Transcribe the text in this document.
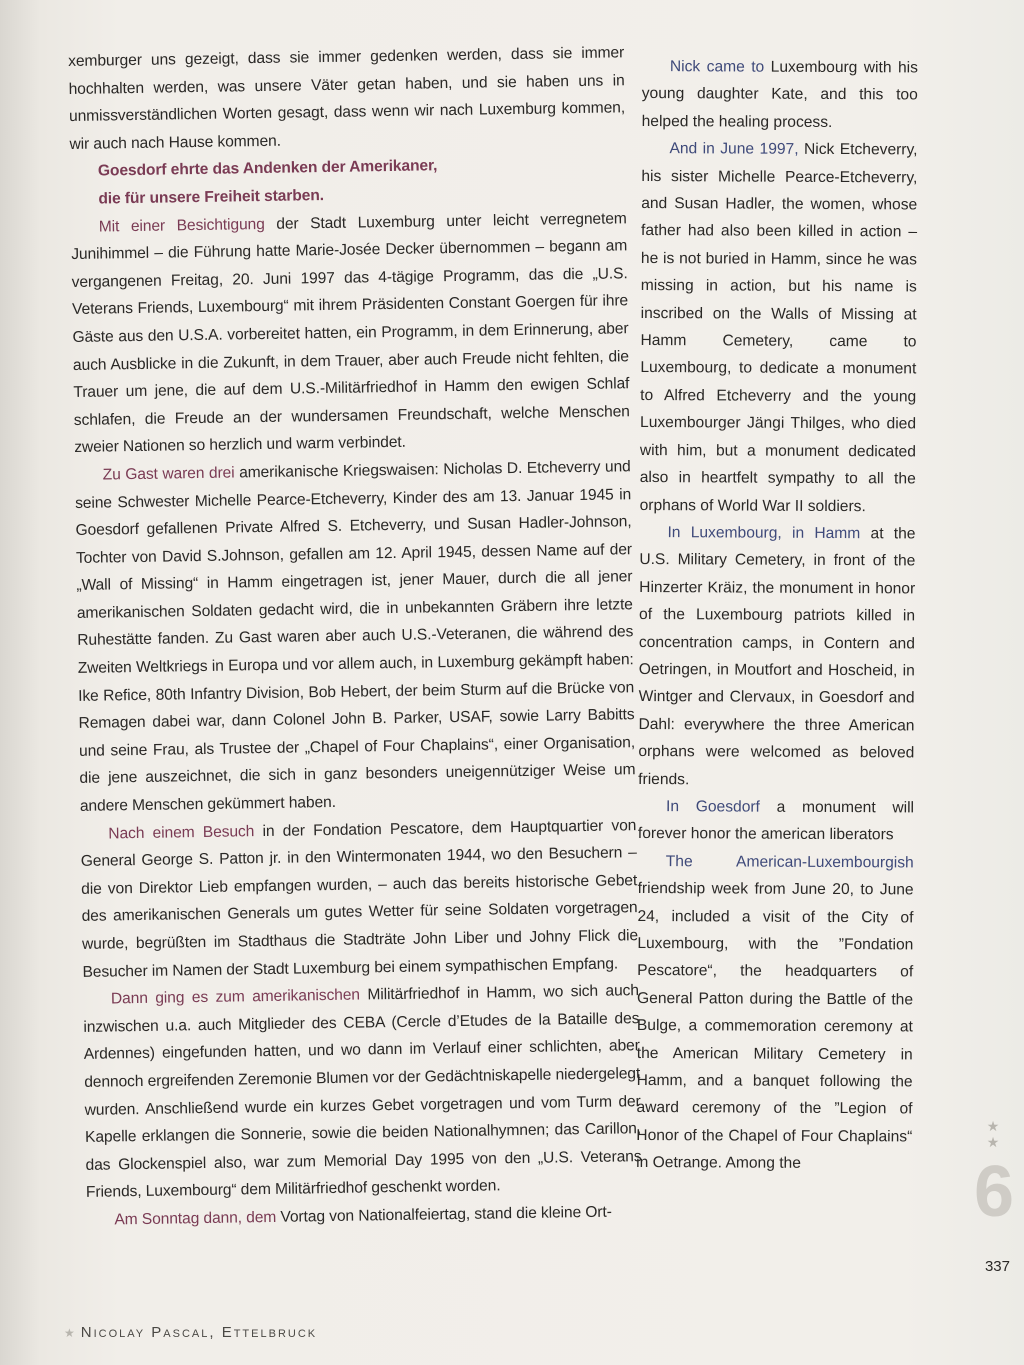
xemburger uns gezeigt, dass sie immer gedenken werden, dass sie immer hochhalten werden, was unsere Väter getan haben, und sie haben uns in unmissverständlichen Worten gesagt, dass wenn wir nach Luxemburg kommen, wir auch nach Hause kommen.

Goesdorf ehrte das Andenken der Amerikaner,
die für unsere Freiheit starben.

Mit einer Besichtigung der Stadt Luxemburg unter leicht verregnetem Junihimmel – die Führung hatte Marie-Josée Decker übernommen – begann am vergangenen Freitag, 20. Juni 1997 das 4-tägige Programm, das die „U.S. Veterans Friends, Luxembourg“ mit ihrem Präsidenten Constant Goergen für ihre Gäste aus den U.S.A. vorbereitet hatten, ein Programm, in dem Erinnerung, aber auch Ausblicke in die Zukunft, in dem Trauer, aber auch Freude nicht fehlten, die Trauer um jene, die auf dem U.S.-Militärfriedhof in Hamm den ewigen Schlaf schlafen, die Freude an der wundersamen Freundschaft, welche Menschen zweier Nationen so herzlich und warm verbindet.

Zu Gast waren drei amerikanische Kriegswaisen: Nicholas D. Etcheverry und seine Schwester Michelle Pearce-Etcheverry, Kinder des am 13. Januar 1945 in Goesdorf gefallenen Private Alfred S. Etcheverry, und Susan Hadler-Johnson, Tochter von David S.Johnson, gefallen am 12. April 1945, dessen Name auf der „Wall of Missing“ in Hamm eingetragen ist, jener Mauer, durch die all jener amerikanischen Soldaten gedacht wird, die in unbekannten Gräbern ihre letzte Ruhestätte fanden. Zu Gast waren aber auch U.S.-Veteranen, die während des Zweiten Weltkriegs in Europa und vor allem auch, in Luxemburg gekämpft haben: Ike Refice, 80th Infantry Division, Bob Hebert, der beim Sturm auf die Brücke von Remagen dabei war, dann Colonel John B. Parker, USAF, sowie Larry Babitts und seine Frau, als Trustee der „Chapel of Four Chaplains“, einer Organisation, die jene auszeichnet, die sich in ganz besonders uneigennütziger Weise um andere Menschen gekümmert haben.

Nach einem Besuch in der Fondation Pescatore, dem Hauptquartier von General George S. Patton jr. in den Wintermonaten 1944, wo den Besuchern – die von Direktor Lieb empfangen wurden, – auch das bereits historische Gebet des amerikanischen Generals um gutes Wetter für seine Soldaten vorgetragen wurde, begrüßten im Stadthaus die Stadträte John Liber und Johny Flick die Besucher im Namen der Stadt Luxemburg bei einem sympathischen Empfang.

Dann ging es zum amerikanischen Militärfriedhof in Hamm, wo sich auch inzwischen u.a. auch Mitglieder des CEBA (Cercle d’Etudes de la Bataille des Ardennes) eingefunden hatten, und wo dann im Verlauf einer schlichten, aber dennoch ergreifenden Zeremonie Blumen vor der Gedächtniskapelle niedergelegt wurden. Anschließend wurde ein kurzes Gebet vorgetragen und vom Turm der Kapelle erklangen die Sonnerie, sowie die beiden Nationalhymnen; das Carillon, das Glockenspiel also, war zum Memorial Day 1995 von den „U.S. Veterans Friends, Luxembourg“ dem Militärfriedhof geschenkt worden.

Am Sonntag dann, dem Vortag von Nationalfeiertag, stand die kleine Ort-

Nick came to Luxembourg with his young daughter Kate, and this too helped the healing process.

And in June 1997, Nick Etcheverry, his sister Michelle Pearce-Etcheverry, and Susan Hadler, the women, whose father had also been killed in action – he is not buried in Hamm, since he was missing in action, but his name is inscribed on the Walls of Missing at Hamm Cemetery, came to Luxembourg, to dedicate a monument to Alfred Etcheverry and the young Luxembourger Jängi Thilges, who died with him, but a monument dedicated also in heartfelt sympathy to all the orphans of World War II soldiers.

In Luxembourg, in Hamm at the U.S. Military Cemetery, in front of the Hinzerter Kräiz, the monument in honor of the Luxembourg patriots killed in concentration camps, in Contern and Oetringen, in Moutfort and Hoscheid, in Wintger and Clervaux, in Goesdorf and Dahl: everywhere the three American orphans were welcomed as beloved friends.

In Goesdorf a monument will forever honor the american liberators

The American-Luxembourgish friendship week from June 20, to June 24, included a visit of the City of Luxembourg, with the ”Fondation Pescatore“, the headquarters of General Patton during the Battle of the Bulge, a commemoration ceremony at the American Military Cemetery in Hamm, and a banquet following the award ceremony of the ”Legion of Honor of the Chapel of Four Chaplains“ in Oetrange. Among the

★ ★
6
337
★ Nicolay Pascal, Ettelbruck
